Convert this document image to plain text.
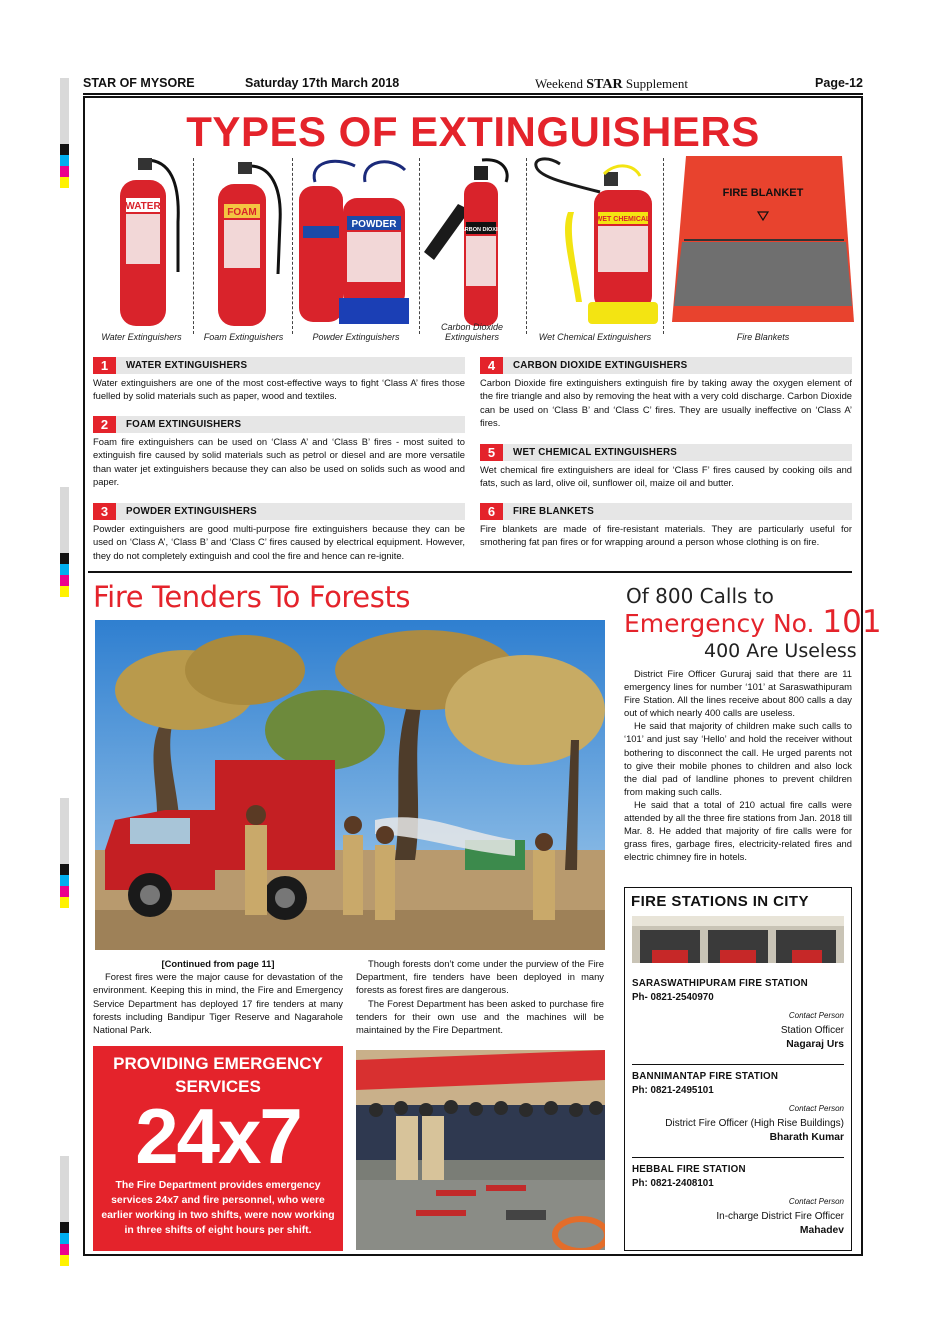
STAR OF MYSORE	Saturday 17th March 2018	Weekend STAR Supplement	Page-12
TYPES OF EXTINGUISHERS
WATER
Water Extinguishers
FOAM
Foam Extinguishers
POWDER
Powder Extinguishers
CARBON DIOXIDE
Carbon Dioxide Extinguishers
WET CHEMICAL
Wet Chemical Extinguishers
FIRE BLANKET
Fire Blankets
1	WATER EXTINGUISHERS
Water extinguishers are one of the most cost-effective ways to fight ‘Class A’ fires those fuelled by solid materials such as paper, wood and textiles.
2	FOAM EXTINGUISHERS
Foam fire extinguishers can be used on ‘Class A’ and ‘Class B’ fires - most suited to extinguish fire caused by solid materials such as petrol or diesel and are more versatile than water jet extinguishers because they can also be used on solids such as wood and paper.
3	POWDER EXTINGUISHERS
Powder extinguishers are good multi-purpose fire extinguishers because they can be used on ‘Class A’, ‘Class B’ and ‘Class C’ fires caused by electrical equipment. However, they do not completely extinguish and cool the fire and hence can re-ignite.
4	CARBON DIOXIDE EXTINGUISHERS
Carbon Dioxide fire extinguishers extinguish fire by taking away the oxygen element of the fire triangle and also by removing the heat with a very cold discharge. Carbon Dioxide can be used on ‘Class B’ and ‘Class C’ fires. They are usually ineffective on ‘Class A’ fires.
5	WET CHEMICAL EXTINGUISHERS
Wet chemical fire extinguishers are ideal for ‘Class F’ fires caused by cooking oils and fats, such as lard, olive oil, sunflower oil, maize oil and butter.
6	FIRE BLANKETS
Fire blankets are made of fire-resistant materials. They are particularly useful for smothering fat pan fires or for wrapping around a person whose clothing is on fire.
Fire Tenders To Forests
[Continued from page 11]

Forest fires were the major cause for devastation of the environment. Keeping this in mind, the Fire and Emergency Service Department has deployed 17 fire tenders at many forests including Bandipur Tiger Reserve and Nagarahole National Park.

Though forests don’t come under the purview of the Fire Department, fire tenders have been deployed in many forests as forest fires are dangerous.

The Forest Department has been asked to purchase fire tenders for their own use and the machines will be maintained by the Fire Department.

PROVIDING EMERGENCY
SERVICES
24x7
The Fire Department provides emergency services 24x7 and fire personnel, who were earlier working in two shifts, were now working in three shifts of eight hours per shift.
Of 800 Calls to
Emergency No. 101
400 Are Useless

District Fire Officer Gururaj said that there are 11 emergency lines for number ‘101’ at Saraswathipuram Fire Station. All the lines receive about 800 calls a day out of which nearly 400 calls are useless.

He said that majority of children make such calls to ‘101’ and just say ‘Hello’ and hold the receiver without bothering to disconnect the call. He urged parents not to give their mobile phones to children and also lock the dial pad of landline phones to prevent children from making such calls.

He said that a total of 210 actual fire calls were attended by all the three fire stations from Jan. 2018 till Mar. 8. He added that majority of fire calls were for grass fires, garbage fires, electricity-related fires and electric chimney fire in hotels.

FIRE STATIONS IN CITY
SARASWATHIPURAM FIRE STATION
Ph- 0821-2540970
Contact Person
Station Officer
Nagaraj Urs
BANNIMANTAP FIRE STATION
Ph: 0821-2495101
Contact Person
District Fire Officer (High Rise Buildings)
Bharath Kumar
HEBBAL FIRE STATION
Ph: 0821-2408101
Contact Person
In-charge District Fire Officer
Mahadev
